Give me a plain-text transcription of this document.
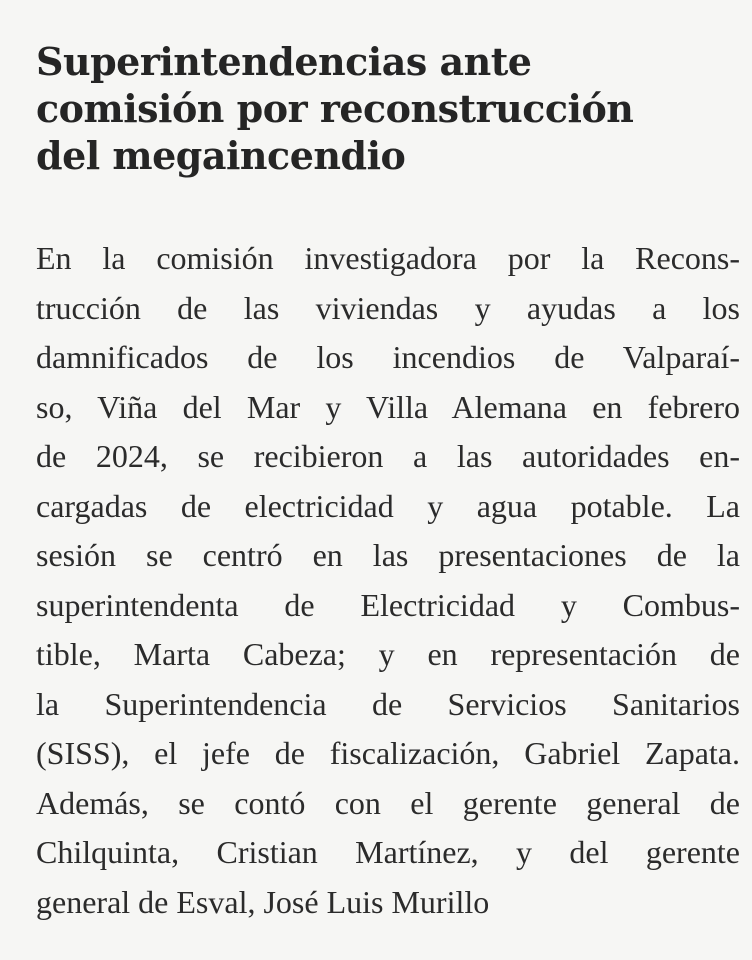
Superintendencias ante
comisión por reconstrucción
del megaincendio
En la comisión investigadora por la Recons-
trucción de las viviendas y ayudas a los
damnificados de los incendios de Valparaí-
so, Viña del Mar y Villa Alemana en febrero
de 2024, se recibieron a las autoridades en-
cargadas de electricidad y agua potable. La
sesión se centró en las presentaciones de la
superintendenta de Electricidad y Combus-
tible, Marta Cabeza; y en representación de
la Superintendencia de Servicios Sanitarios
(SISS), el jefe de fiscalización, Gabriel Zapata.
Además, se contó con el gerente general de
Chilquinta, Cristian Martínez, y del gerente
general de Esval, José Luis Murillo
